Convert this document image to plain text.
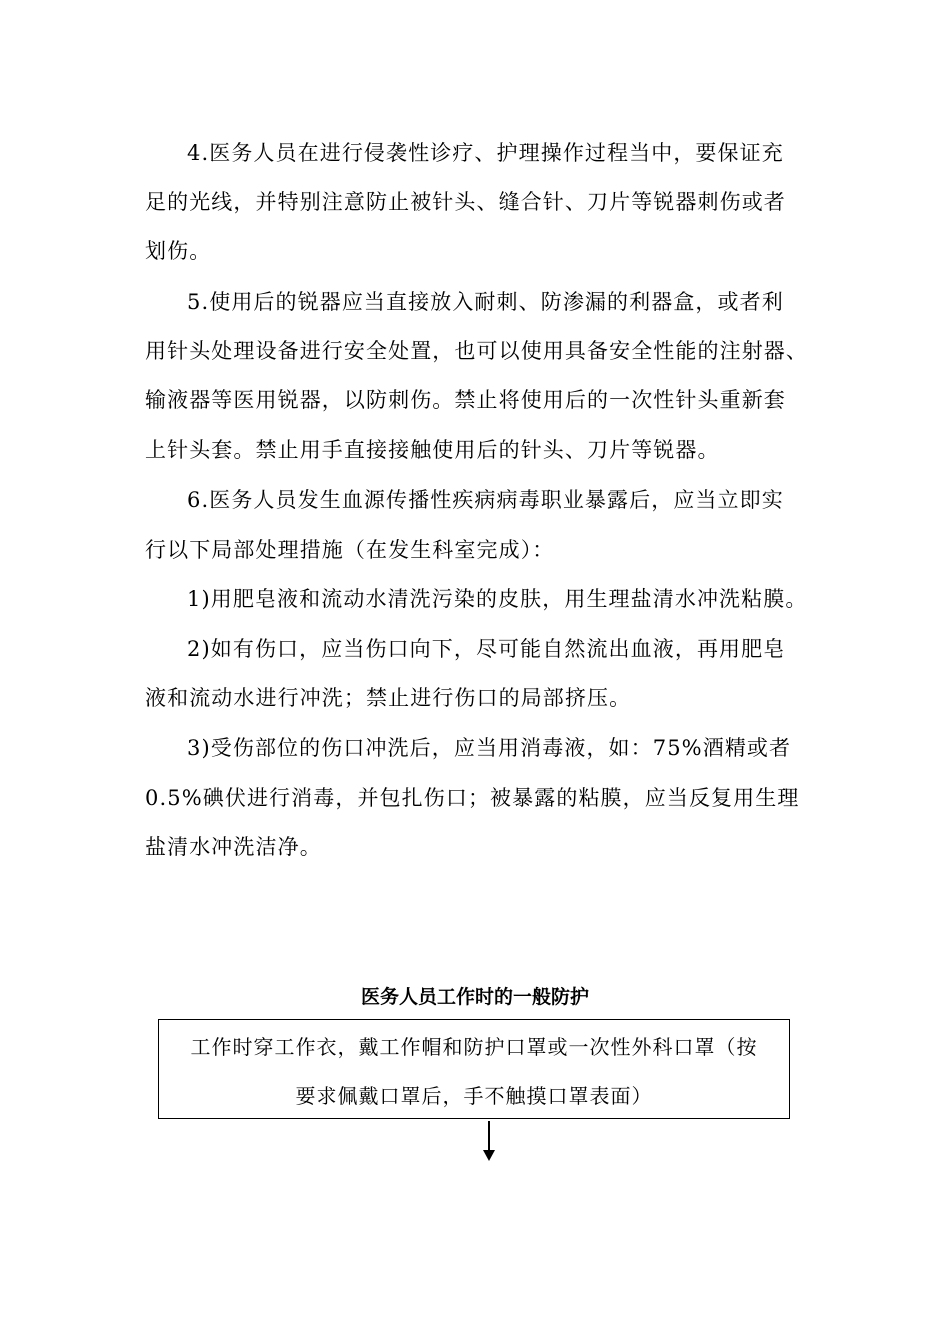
4.医务人员在进行侵袭性诊疗、护理操作过程当中，要保证充
足的光线，并特别注意防止被针头、缝合针、刀片等锐器刺伤或者
划伤。
5.使用后的锐器应当直接放入耐刺、防渗漏的利器盒，或者利
用针头处理设备进行安全处置，也可以使用具备安全性能的注射器、
输液器等医用锐器，以防刺伤。禁止将使用后的一次性针头重新套
上针头套。禁止用手直接接触使用后的针头、刀片等锐器。
6.医务人员发生血源传播性疾病病毒职业暴露后，应当立即实
行以下局部处理措施（在发生科室完成）：
1)用肥皂液和流动水清洗污染的皮肤，用生理盐清水冲洗粘膜。
2)如有伤口，应当伤口向下，尽可能自然流出血液，再用肥皂
液和流动水进行冲洗；禁止进行伤口的局部挤压。
3)受伤部位的伤口冲洗后，应当用消毒液，如：75%酒精或者
0.5%碘伏进行消毒，并包扎伤口；被暴露的粘膜，应当反复用生理
盐清水冲洗洁净。
医务人员工作时的一般防护
工作时穿工作衣，戴工作帽和防护口罩或一次性外科口罩（按
要求佩戴口罩后，手不触摸口罩表面）
